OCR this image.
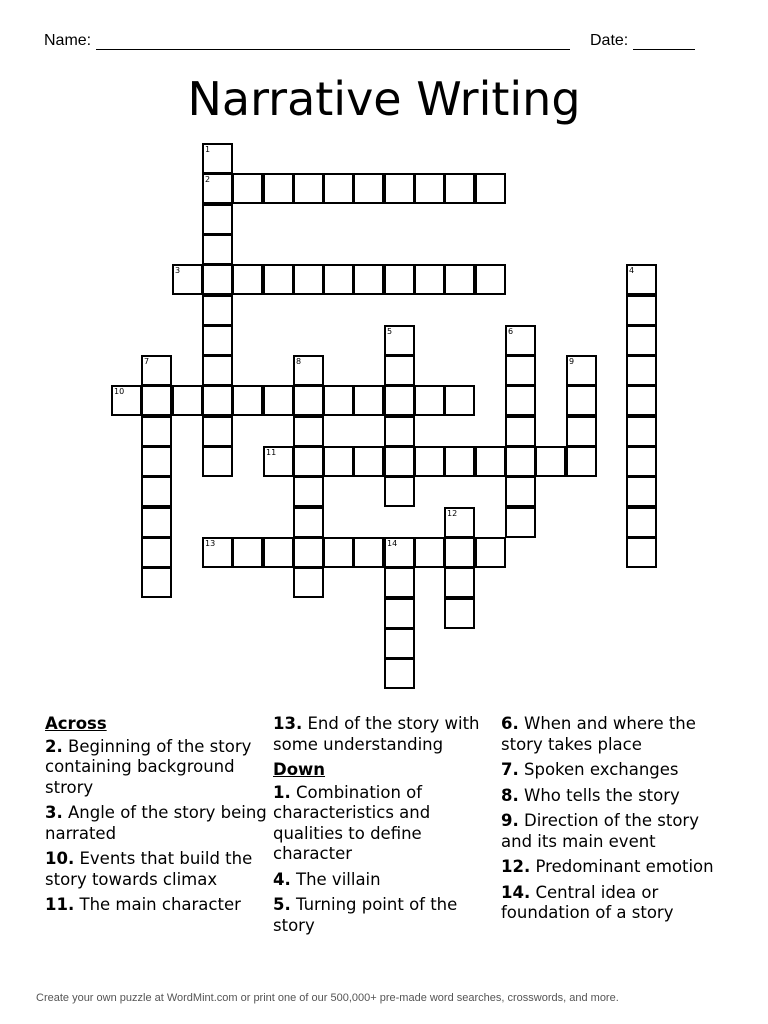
Name:	Date:
Narrative Writing
2
3
10
11
13	14
1
4
5	6
7	8	9
12
Across
2. Beginning of the story containing background strory
3. Angle of the story being narrated
10. Events that build the story towards climax
11. The main character
13. End of the story with some understanding
Down
1. Combination of characteristics and qualities to define character
4. The villain
5. Turning point of the story
6. When and where the story takes place
7. Spoken exchanges
8. Who tells the story
9. Direction of the story and its main event
12. Predominant emotion
14. Central idea or foundation of a story
Create your own puzzle at WordMint.com or print one of our 500,000+ pre-made word searches, crosswords, and more.
